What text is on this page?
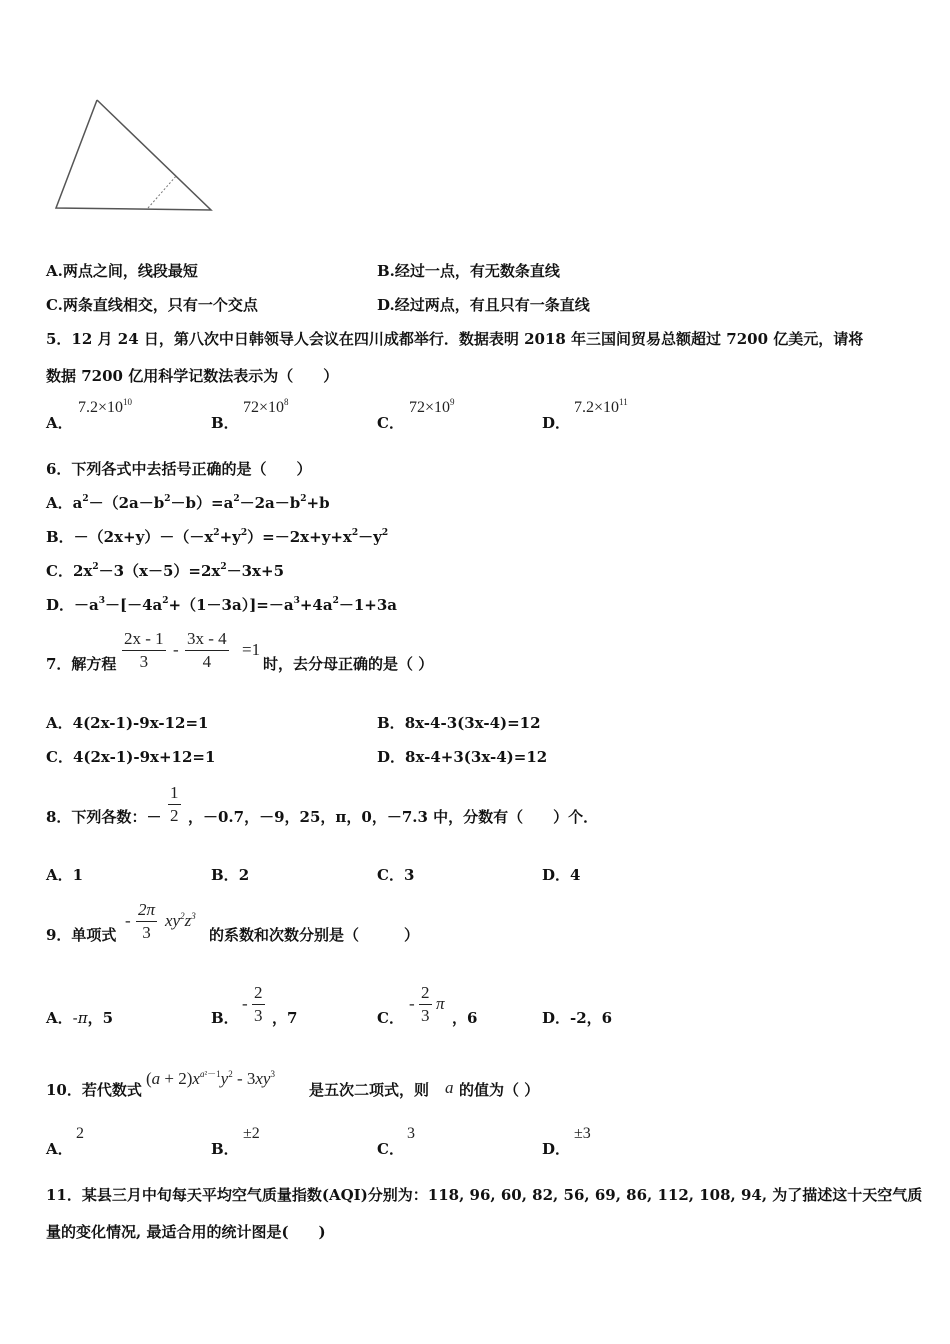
A.两点之间，线段最短	B.经过一点，有无数条直线
C.两条直线相交，只有一个交点	D.经过两点，有且只有一条直线
5．12 月 24 日，第八次中日韩领导人会议在四川成都举行．数据表明 2018 年三国间贸易总额超过 7200 亿美元，请将
数据 7200 亿用科学记数法表示为（　　）
A．
$7.2\times 10^{10}$
B．
$72\times 10^8$
C．
$72\times 10^9$
D．
$7.2\times 10^{11}$
6．下列各式中去括号正确的是（　　）
A．$a^2-(2a-b^2-b)=a^2-2a-b^2+b$
B．$-(2x+y)-(-x^2+y^2)=-2x+y+x^2-y^2$
C．$2x^2-3(x-5)=2x^2-3x+5$
D．$-a^3-[-4a^2+(1-3a)]=-a^3+4a^2-1+3a$
7．解方程 $\frac{2x - 1}{3} - \frac{3x - 4}{4} =1$
时，去分母正确的是（ ）
A．4(2x-1)-9x-12=1	B．8x-4-3(3x-4)=12
C．4(2x-1)-9x+12=1	D．8x-4+3(3x-4)=12
8．下列各数：－ $\frac{1}{2}$ ，－0.7，－9，25，π，0，－7.3 中，分数有（　　）个．
A．1	B．2	C．3	D．4
9．单项式
- $\frac{2\pi}{3} xy^2z^3$
的系数和次数分别是（　　　）
A．-π，5	B．
- $\frac{2}{3}$ ，7	C．
- $\frac{2}{3}$ π
，6	D．-2，6
10．若代数式
$(a + 2)x^{a^2-1}y^2 - 3xy^3$
是五次二项式，则 a 的值为（ ）
A．
2
B．
±2
C．
3
D．
±3
11．某县三月中旬每天平均空气质量指数(AQI)分别为：118, 96, 60, 82, 56, 69, 86, 112, 108, 94, 为了描述这十天空气质
量的变化情况, 最适合用的统计图是(　　)
